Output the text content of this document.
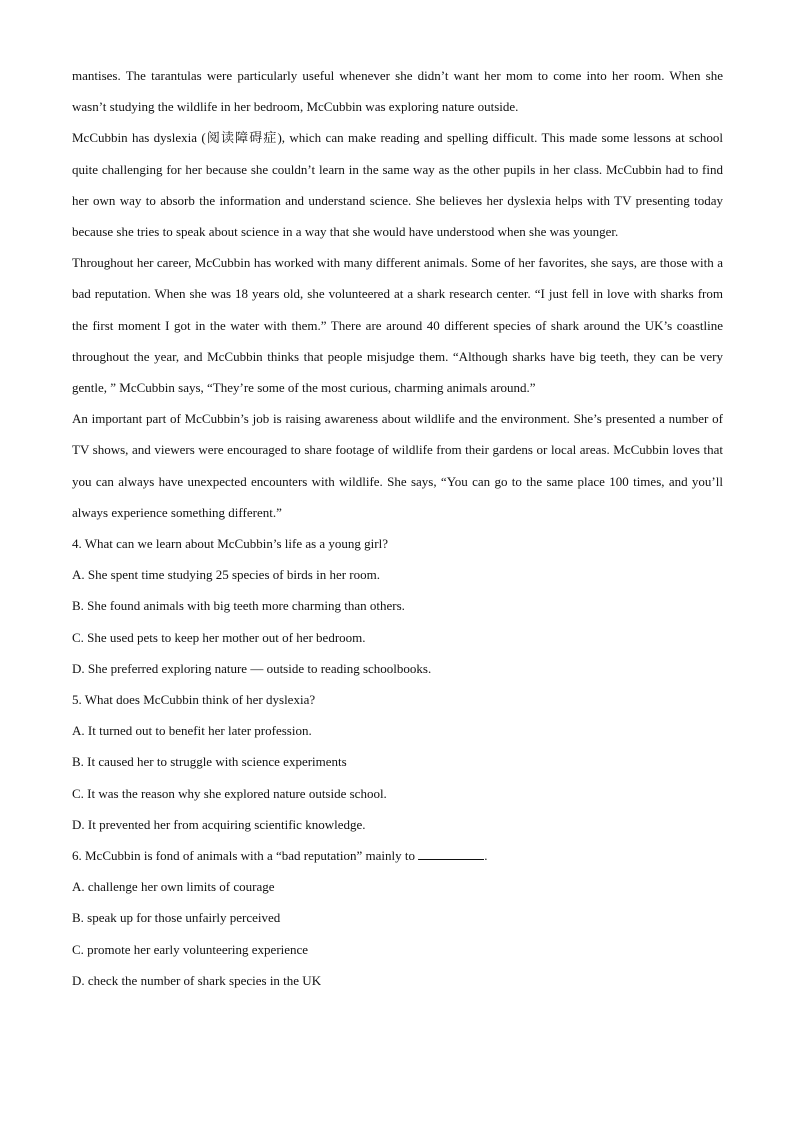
mantises. The tarantulas were particularly useful whenever she didn’t want her mom to come into her room. When she wasn’t studying the wildlife in her bedroom, McCubbin was exploring nature outside.

McCubbin has dyslexia (阅读障碍症), which can make reading and spelling difficult. This made some lessons at school quite challenging for her because she couldn’t learn in the same way as the other pupils in her class. McCubbin had to find her own way to absorb the information and understand science. She believes her dyslexia helps with TV presenting today because she tries to speak about science in a way that she would have understood when she was younger.

Throughout her career, McCubbin has worked with many different animals. Some of her favorites, she says, are those with a bad reputation. When she was 18 years old, she volunteered at a shark research center. “I just fell in love with sharks from the first moment I got in the water with them.” There are around 40 different species of shark around the UK’s coastline throughout the year, and McCubbin thinks that people misjudge them. “Although sharks have big teeth, they can be very gentle, ” McCubbin says, “They’re some of the most curious, charming animals around.”

An important part of McCubbin’s job is raising awareness about wildlife and the environment. She’s presented a number of TV shows, and viewers were encouraged to share footage of wildlife from their gardens or local areas. McCubbin loves that you can always have unexpected encounters with wildlife. She says, “You can go to the same place 100 times, and you’ll always experience something different.”

4. What can we learn about McCubbin’s life as a young girl?

A. She spent time studying 25 species of birds in her room.

B. She found animals with big teeth more charming than others.

C. She used pets to keep her mother out of her bedroom.

D. She preferred exploring nature — outside to reading schoolbooks.

5. What does McCubbin think of her dyslexia?

A. It turned out to benefit her later profession.

B. It caused her to struggle with science experiments

C. It was the reason why she explored nature outside school.

D. It prevented her from acquiring scientific knowledge.

6. McCubbin is fond of animals with a “bad reputation” mainly to	.

A. challenge her own limits of courage

B. speak up for those unfairly perceived

C. promote her early volunteering experience

D. check the number of shark species in the UK
